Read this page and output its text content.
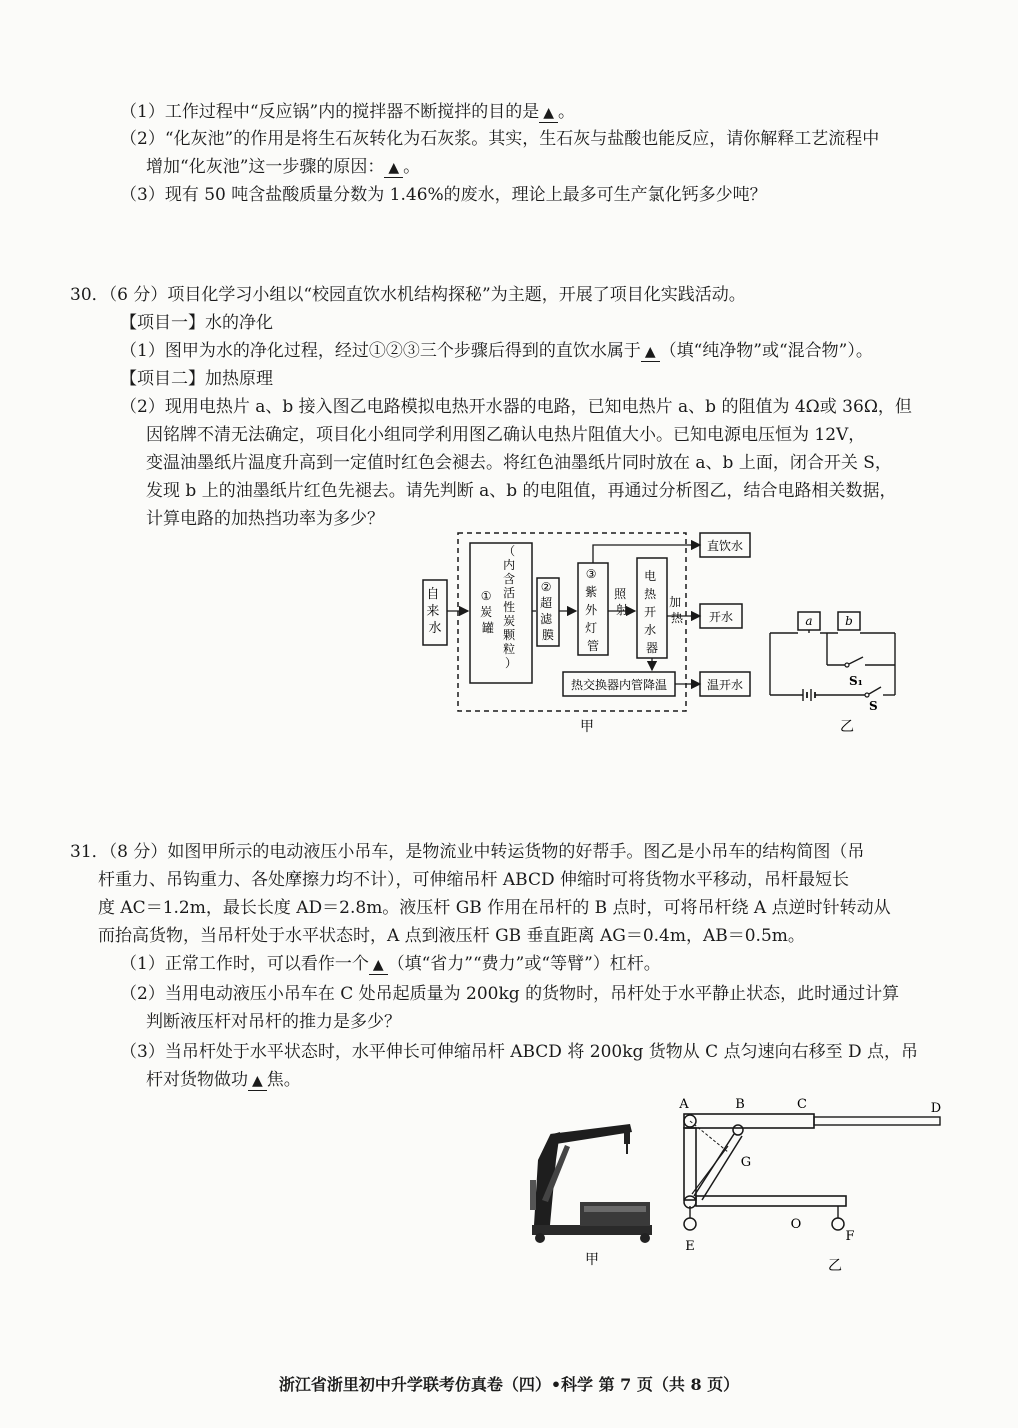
（1）工作过程中“反应锅”内的搅拌器不断搅拌的目的是 ▲ 。
（2）“化灰池”的作用是将生石灰转化为石灰浆。其实，生石灰与盐酸也能反应，请你解释工艺流程中
增加“化灰池”这一步骤的原因： ▲ 。
（3）现有 50 吨含盐酸质量分数为 1.46%的废水，理论上最多可生产氯化钙多少吨？
30．（6 分）项目化学习小组以“校园直饮水机结构探秘”为主题，开展了项目化实践活动。
【项目一】水的净化
（1）图甲为水的净化过程，经过①②③三个步骤后得到的直饮水属于 ▲ （填“纯净物”或“混合物”）。
【项目二】加热原理
（2）现用电热片 a、b 接入图乙电路模拟电热开水器的电路，已知电热片 a、b 的阻值为 4Ω或 36Ω，但
因铭牌不清无法确定，项目化小组同学利用图乙确认电热片阻值大小。已知电源电压恒为 12V，
变温油墨纸片温度升高到一定值时红色会褪去。将红色油墨纸片同时放在 a、b 上面，闭合开关 S，
发现 b 上的油墨纸片红色先褪去。请先判断 a、b 的电阻值，再通过分析图乙，结合电路相关数据，
计算电路的加热挡功率为多少？
自 来 水
（ 内 含 活 性 炭 颗 粒 ）
① 炭 罐
② 超 滤 膜
③ 紫 外 灯 管
照 射
电 热 开 水 器
加 热
直饮水
开水
热交换器内管降温	温开水
甲
a	b
S₁
S
乙
31．（8 分）如图甲所示的电动液压小吊车，是物流业中转运货物的好帮手。图乙是小吊车的结构简图（吊
杆重力、吊钩重力、各处摩擦力均不计），可伸缩吊杆 ABCD 伸缩时可将货物水平移动，吊杆最短长
度 AC＝1.2m，最长长度 AD＝2.8m。液压杆 GB 作用在吊杆的 B 点时，可将吊杆绕 A 点逆时针转动从
而抬高货物，当吊杆处于水平状态时，A 点到液压杆 GB 垂直距离 AG＝0.4m，AB＝0.5m。
（1）正常工作时，可以看作一个 ▲ （填“省力”“费力”或“等臂”）杠杆。
（2）当用电动液压小吊车在 C 处吊起质量为 200kg 的货物时，吊杆处于水平静止状态，此时通过计算
判断液压杆对吊杆的推力是多少？
（3）当吊杆处于水平状态时，水平伸长可伸缩吊杆 ABCD 将 200kg 货物从 C 点匀速向右移至 D 点，吊
杆对货物做功 ▲ 焦。
甲
A	B	C	D
G
O
E
F
乙
浙江省浙里初中升学联考仿真卷（四）•科学 第 7 页（共 8 页）
